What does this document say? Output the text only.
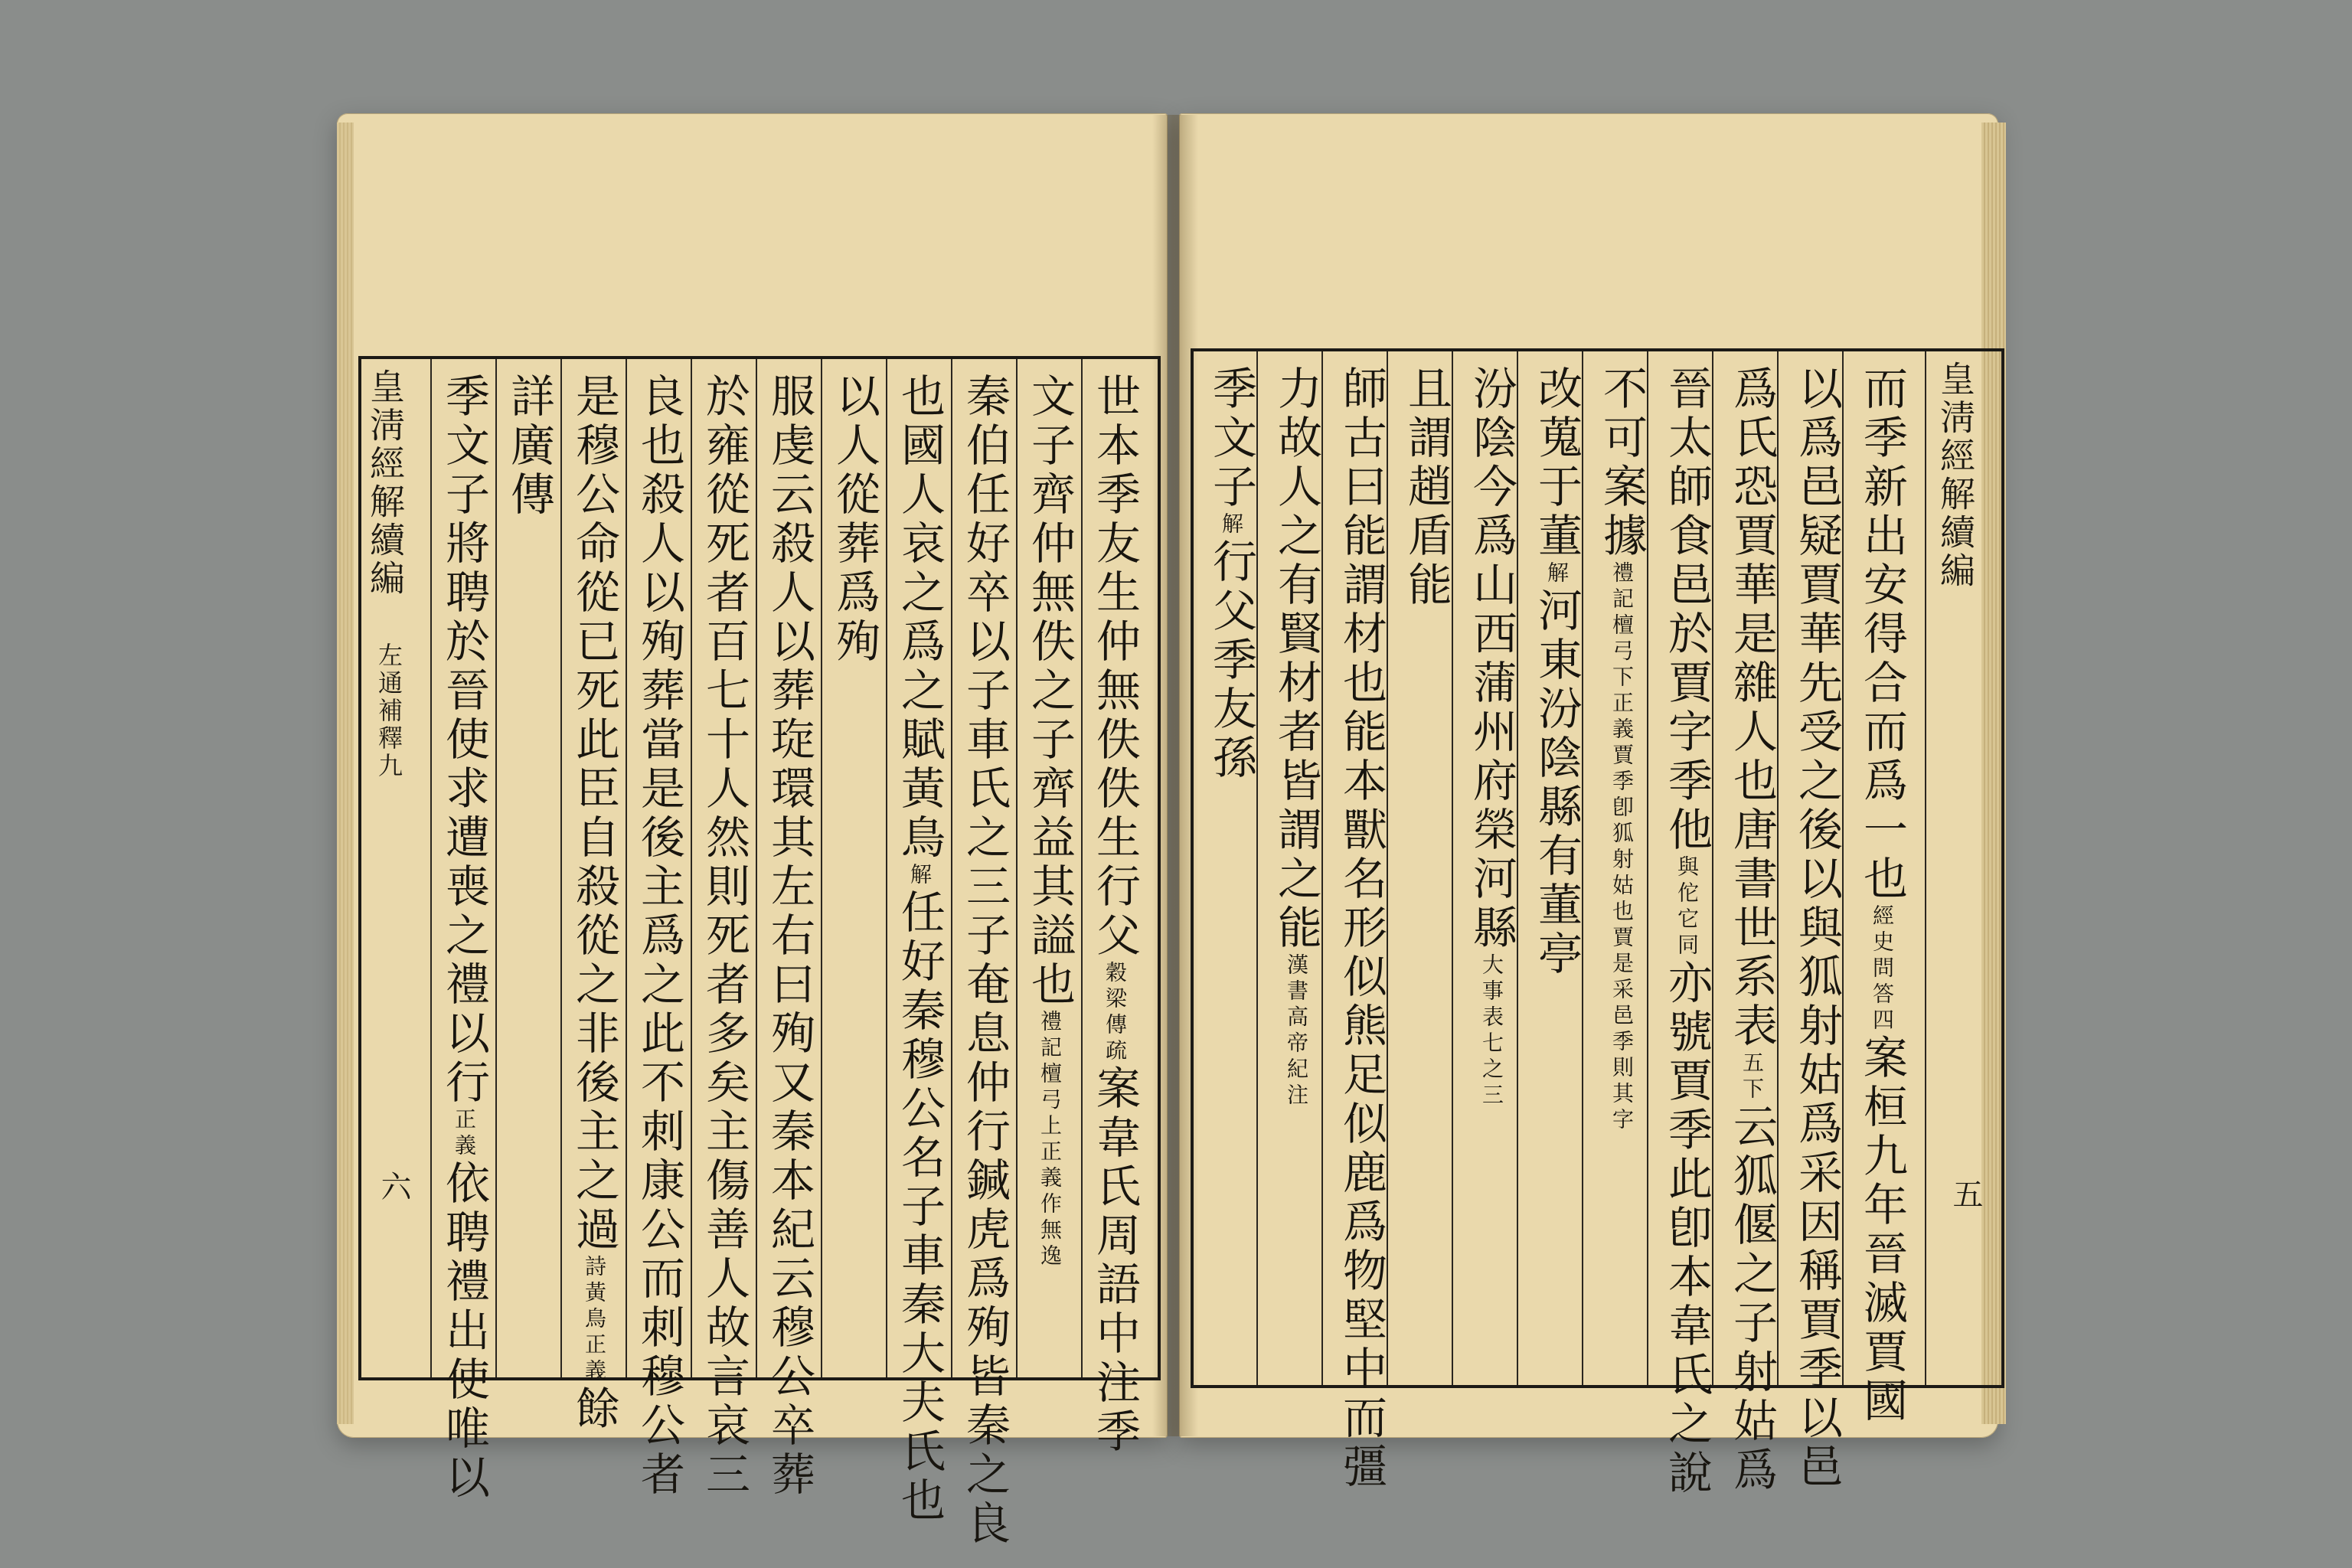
皇淸經解續編
左通補釋九
六
世本季友生仲無佚佚生行父穀梁傳疏案韋氏周語中注季
文子齊仲無佚之子齊益其謚也禮記檀弓上正義作無逸
秦伯任好卒以子車氏之三子奄息仲行鍼虎爲殉皆秦之良
也國人哀之爲之賦黃鳥解任好秦穆公名子車秦大夫氏也
以人從葬爲殉
服虔云殺人以葬琁環其左右曰殉又秦本紀云穆公卒葬
於雍從死者百七十人然則死者多矣主傷善人故言哀三
良也殺人以殉葬當是後主爲之此不刺康公而刺穆公者
是穆公命從已死此臣自殺從之非後主之過詩黃鳥正義餘
詳廣傳
季文子將聘於晉使求遭喪之禮以行正義依聘禮出使唯以
皇淸經解續編
五
而季新出安得合而爲一也經史問答四案桓九年晉滅賈國
以爲邑疑賈華先受之後以與狐射姑爲采因稱賈季以邑
爲氏恐賈華是雜人也唐書世系表五下云狐偃之子射姑爲
晉太師食邑於賈字季他與佗它同亦號賈季此卽本韋氏之說
不可案據禮記檀弓下正義賈季卽狐射姑也賈是采邑季則其字
改蒐于董解河東汾陰縣有董亭
汾陰今爲山西蒲州府榮河縣大事表七之三
且謂趙盾能
師古曰能謂材也能本獸名形似熊足似鹿爲物堅中而彊
力故人之有賢材者皆謂之能漢書高帝紀注
季文子解行父季友孫
